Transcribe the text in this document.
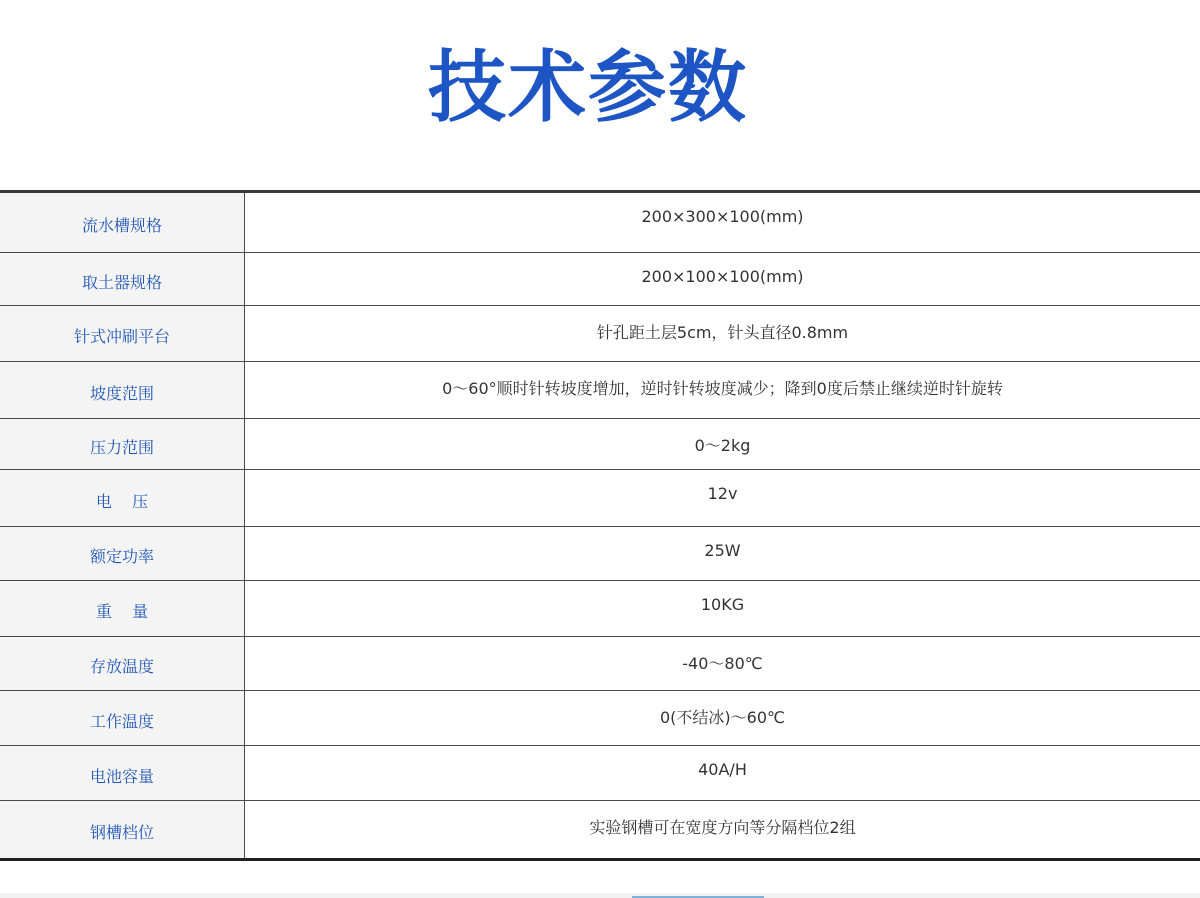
技术参数
流水槽规格	200×300×100(mm)
取土器规格	200×100×100(mm)
针式冲刷平台	针孔距土层5cm，针头直径0.8mm
坡度范围	0～60°顺时针转坡度增加，逆时针转坡度减少；降到0度后禁止继续逆时针旋转
压力范围	0～2kg
电    压	12v
额定功率	25W
重    量	10KG
存放温度	-40～80℃
工作温度	0(不结冰)～60℃
电池容量	40A/H
钢槽档位	实验钢槽可在宽度方向等分隔档位2组
